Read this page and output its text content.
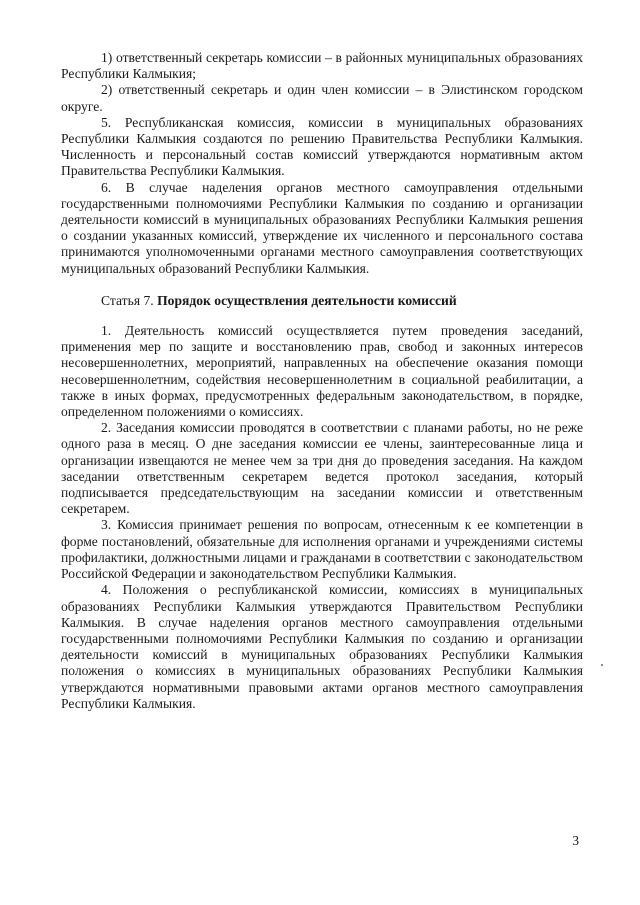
1) ответственный секретарь комиссии – в районных муниципальных образованиях Республики Калмыкия;

2) ответственный секретарь и один член комиссии – в Элистинском городском округе.

5. Республиканская комиссия, комиссии в муниципальных образованиях Республики Калмыкия создаются по решению Правительства Республики Калмыкия. Численность и персональный состав комиссий утверждаются нормативным актом Правительства Республики Калмыкия.

6. В случае наделения органов местного самоуправления отдельными государственными полномочиями Республики Калмыкия по созданию и организации деятельности комиссий в муниципальных образованиях Республики Калмыкия решения о создании указанных комиссий, утверждение их численного и персонального состава принимаются уполномоченными органами местного самоуправления соответствующих муниципальных образований Республики Калмыкия.

Статья 7. Порядок осуществления деятельности комиссий

1. Деятельность комиссий осуществляется путем проведения заседаний, применения мер по защите и восстановлению прав, свобод и законных интересов несовершеннолетних, мероприятий, направленных на обеспечение оказания помощи несовершеннолетним, содействия несовершеннолетним в социальной реабилитации, а также в иных формах, предусмотренных федеральным законодательством, в порядке, определенном положениями о комиссиях.

2. Заседания комиссии проводятся в соответствии с планами работы, но не реже одного раза в месяц. О дне заседания комиссии ее члены, заинтересованные лица и организации извещаются не менее чем за три дня до проведения заседания. На каждом заседании ответственным секретарем ведется протокол заседания, который подписывается председательствующим на заседании комиссии и ответственным секретарем.

3. Комиссия принимает решения по вопросам, отнесенным к ее компетенции в форме постановлений, обязательные для исполнения органами и учреждениями системы профилактики, должностными лицами и гражданами в соответствии с законодательством Российской Федерации и законодательством Республики Калмыкия.

4. Положения о республиканской комиссии, комиссиях в муниципальных образованиях Республики Калмыкия утверждаются Правительством Республики Калмыкия. В случае наделения органов местного самоуправления отдельными государственными полномочиями Республики Калмыкия по созданию и организации деятельности комиссий в муниципальных образованиях Республики Калмыкия положения о комиссиях в муниципальных образованиях Республики Калмыкия утверждаются нормативными правовыми актами органов местного самоуправления Республики Калмыкия.

3
